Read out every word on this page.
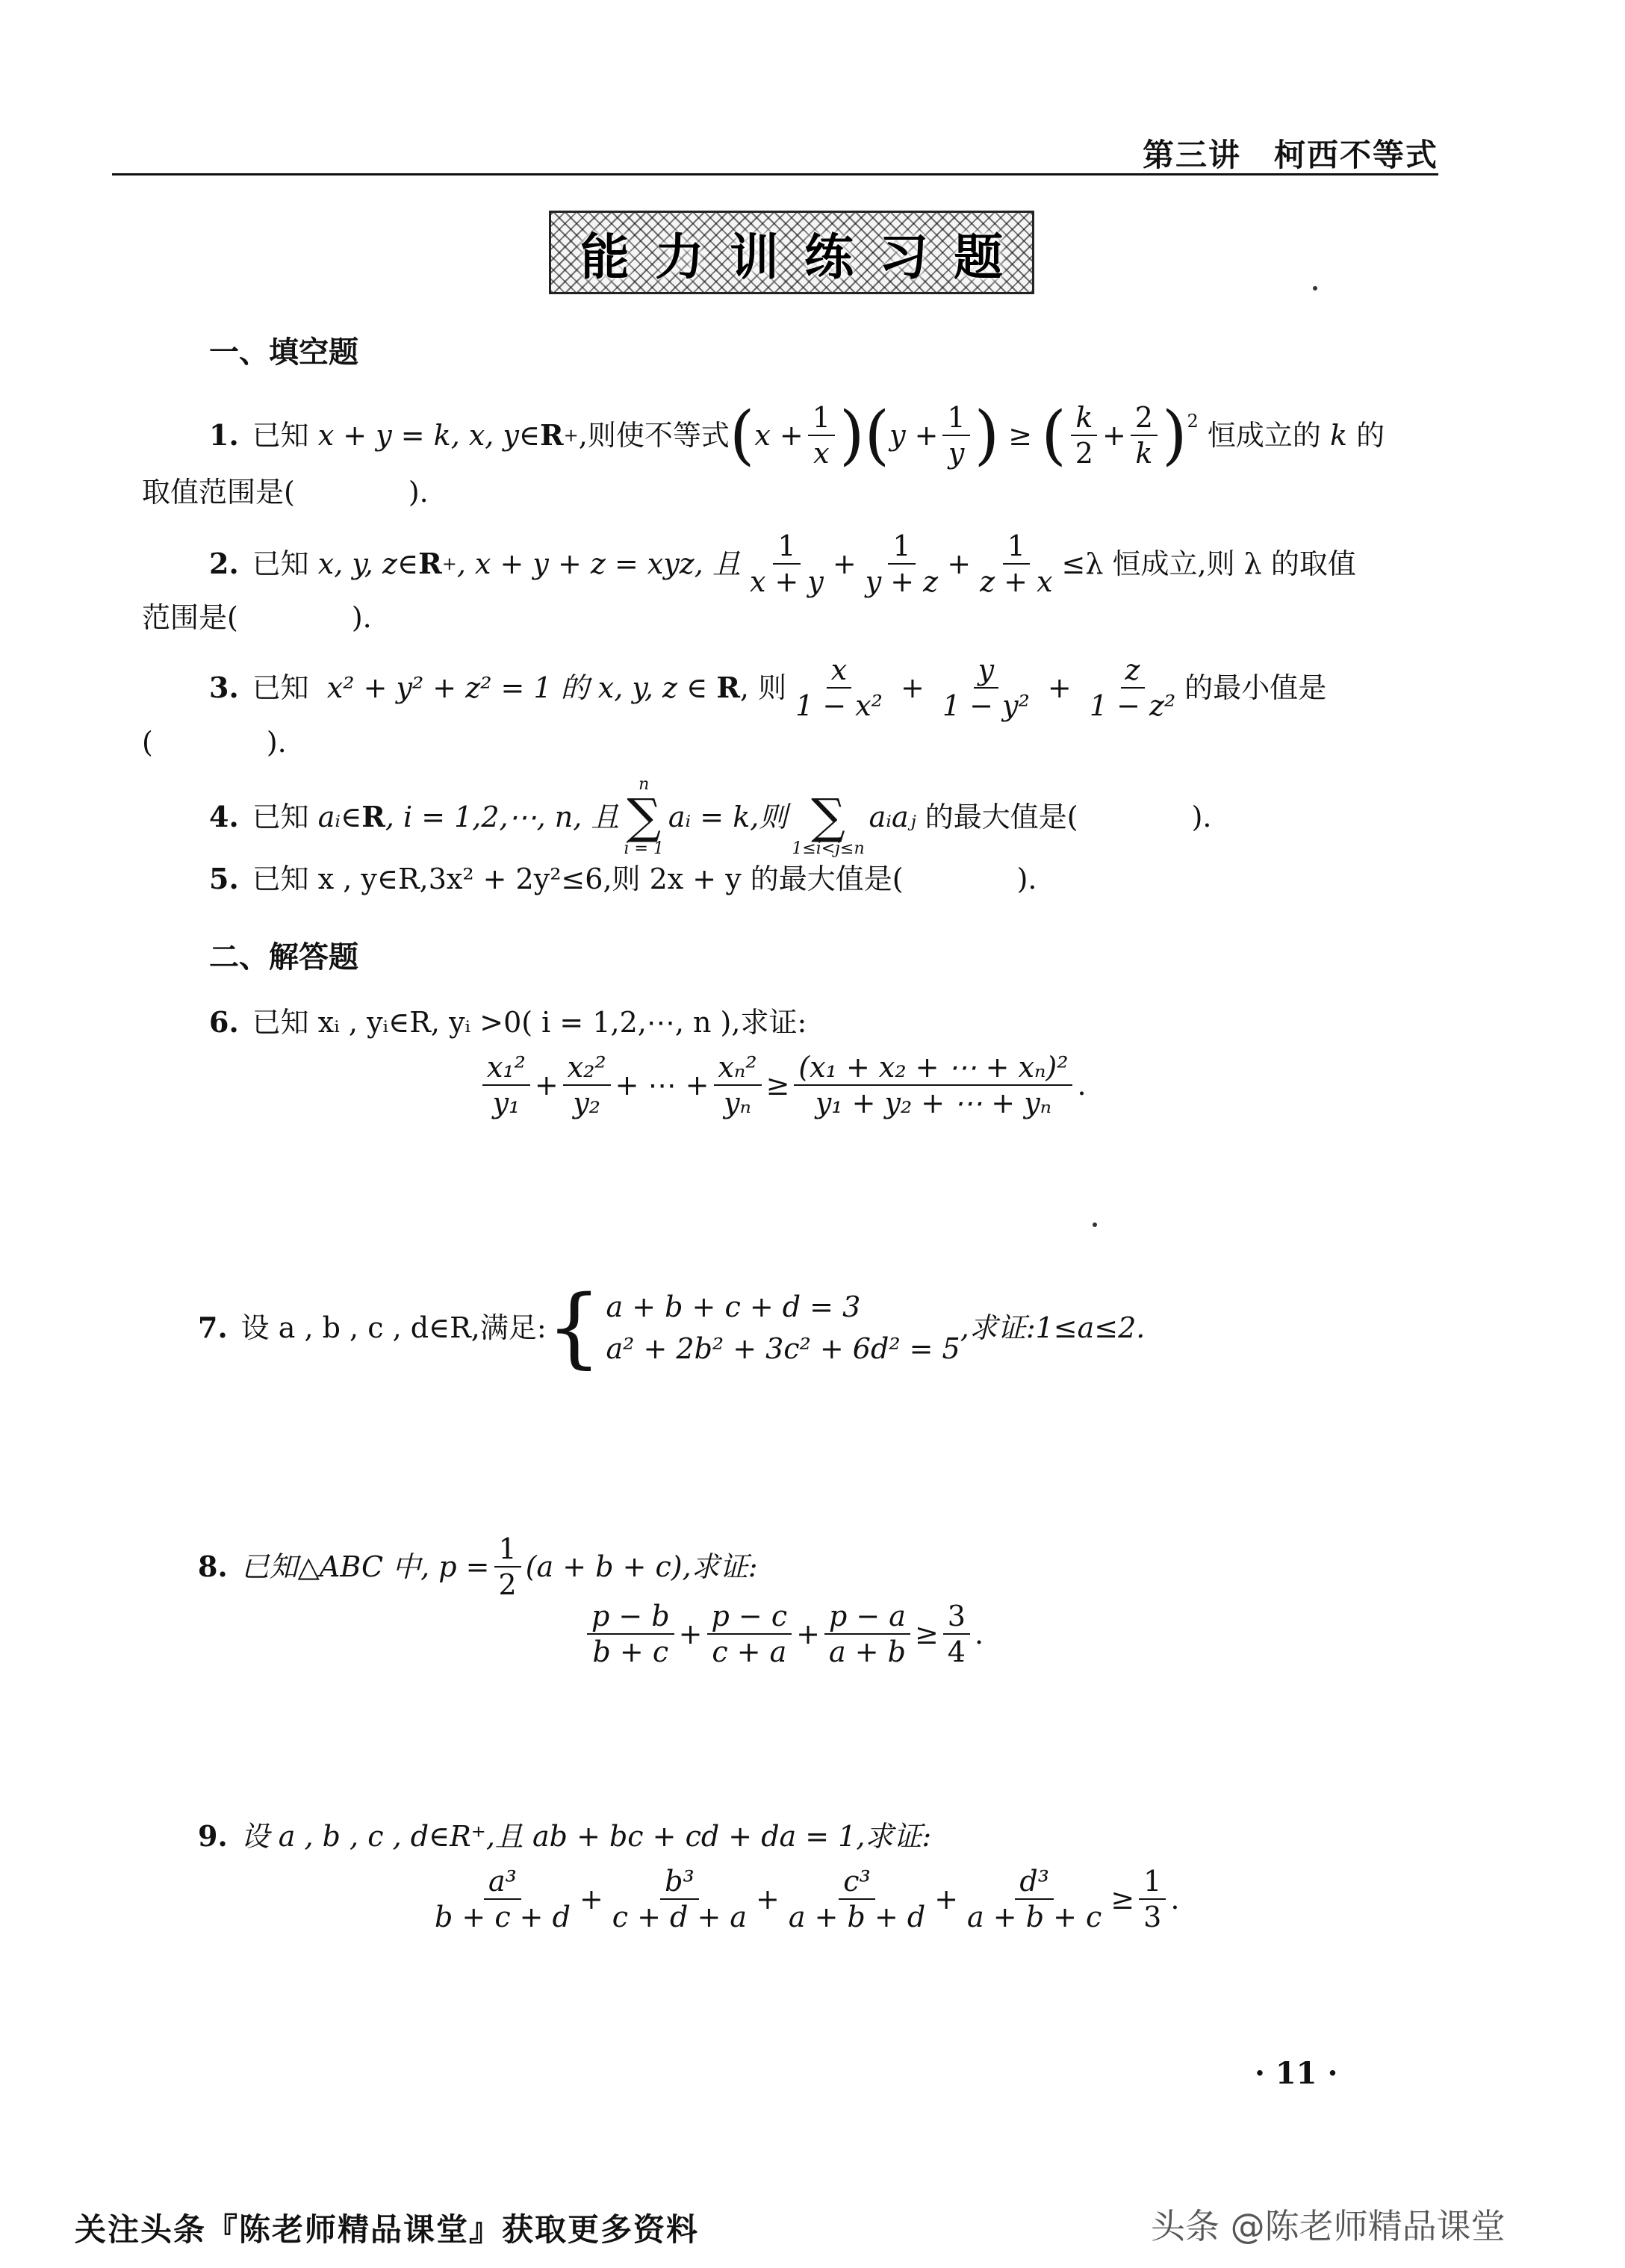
第三讲　柯西不等式
能力训练习题
一、填空题
1. 已知
x + y = k, x, y∈ R + ,则使不等式 ( $x + \frac{1}{x}$ )( $y + \frac{1}{y}$ ) ≥ ( $\frac{k}{2} + \frac{2}{k} )^2$
恒成立的
k
的
取值范围是(　　　　).
2. 已知
x, y, z∈ R + , x + y + z = xyz, 且 $\frac{1}{x + y} + \frac{1}{y + z} + \frac{1}{z + x} \le\lambda$ 恒成立,则 λ 的取值
范围是(　　　　).
3. 已知
x² + y² + z² = 1 的 x, y, z ∈
R , 则 $\frac{x}{\text{1 − x²}} + \frac{y}{\text{1 − y²}} + \frac{z}{\text{1 − z²}}$ 的最小值是
(　　　　).
4. 已知
aᵢ∈ R , i = 1,2,⋯, n, 且
n
∑
i = 1
aᵢ
= k,则
∑
1≤i<j≤n
aᵢaⱼ
的最大值是(　　　　).
5. 已知 x , y∈R,3x² + 2y²≤6,则 2x + y 的最大值是(　　　　).
二、解答题
6. 已知 xᵢ , yᵢ∈R, yᵢ >0( i = 1,2,⋯, n ),求证:
$\frac{\text{x₁²}}{\text{y₁}} + \frac{\text{x₂²}}{\text{y₂}}$ + ⋯ + $\frac{\text{xₙ²}}{\text{yₙ}} \ge \frac{\text{(x₁ + x₂ + ⋯ + xₙ)²}}{\text{y₁ + y₂ + ⋯ + yₙ}}$ .
7. 设 a , b , c , d∈R,满足: { a + b + c + d = 3
a² + 2b² + 3c² + 6d² = 5
,求证:1≤a≤2.
8. 已知△ABC 中, $p = \frac{1}{2} (a + b + c)$,求证:
$\frac{p - b}{b + c} + \frac{p - c}{c + a} + \frac{p - a}{a + b} \ge \frac{3}{4}$ .
9. 设 a , b , c , d∈R⁺,且 ab + bc + cd + da = 1,求证:
$\frac{\text{a³}}{b + c + d} + \frac{\text{b³}}{c + d + a} + \frac{\text{c³}}{a + b + d} + \frac{\text{d³}}{a + b + c} \ge \frac{1}{3}$ .
· 11 ·
关注头条『陈老师精品课堂』获取更多资料	头条 @陈老师精品课堂
